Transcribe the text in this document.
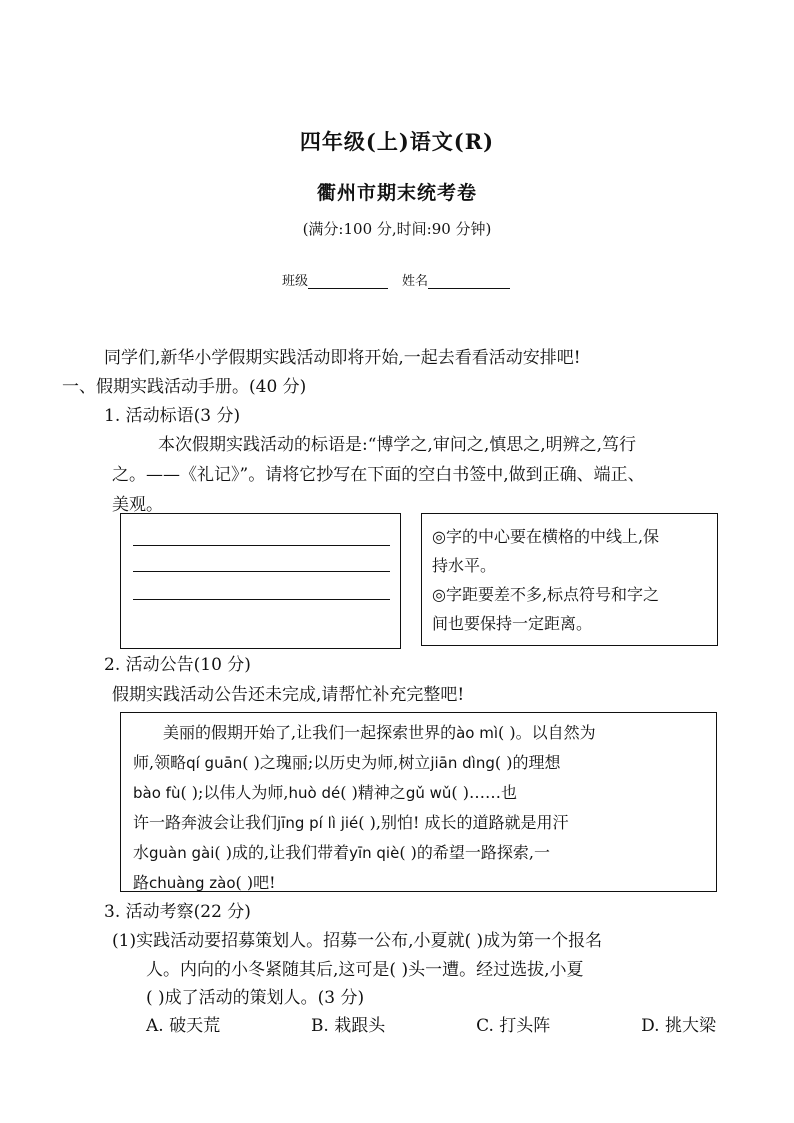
四年级(上)语文(R)
衢州市期末统考卷
(满分:100 分,时间:90 分钟)
班级	姓名
同学们,新华小学假期实践活动即将开始,一起去看看活动安排吧!
一、假期实践活动手册。(40 分)
1. 活动标语(3 分)
本次假期实践活动的标语是:“博学之,审问之,慎思之,明辨之,笃行
之。——《礼记》”。请将它抄写在下面的空白书签中,做到正确、端正、
美观。
◎字的中心要在横格的中线上,保
持水平。
◎字距要差不多,标点符号和字之
间也要保持一定距离。
2. 活动公告(10 分)
假期实践活动公告还未完成,请帮忙补充完整吧!
美丽的假期开始了,让我们一起探索世界的ào mì( )。以自然为
师,领略qí guān( )之瑰丽;以历史为师,树立jiān dìng( )的理想
bào fù( );以伟人为师,huò dé( )精神之gǔ wǔ( )……也
许一路奔波会让我们jīng pí lì jié( ),别怕! 成长的道路就是用汗
水guàn gài( )成的,让我们带着yīn qiè( )的希望一路探索,一
路chuàng zào( )吧!
3. 活动考察(22 分)
(1)实践活动要招募策划人。招募一公布,小夏就( )成为第一个报名
人。内向的小冬紧随其后,这可是( )头一遭。经过选拔,小夏
( )成了活动的策划人。(3 分)
A. 破天荒	B. 栽跟头	C. 打头阵	D. 挑大梁
